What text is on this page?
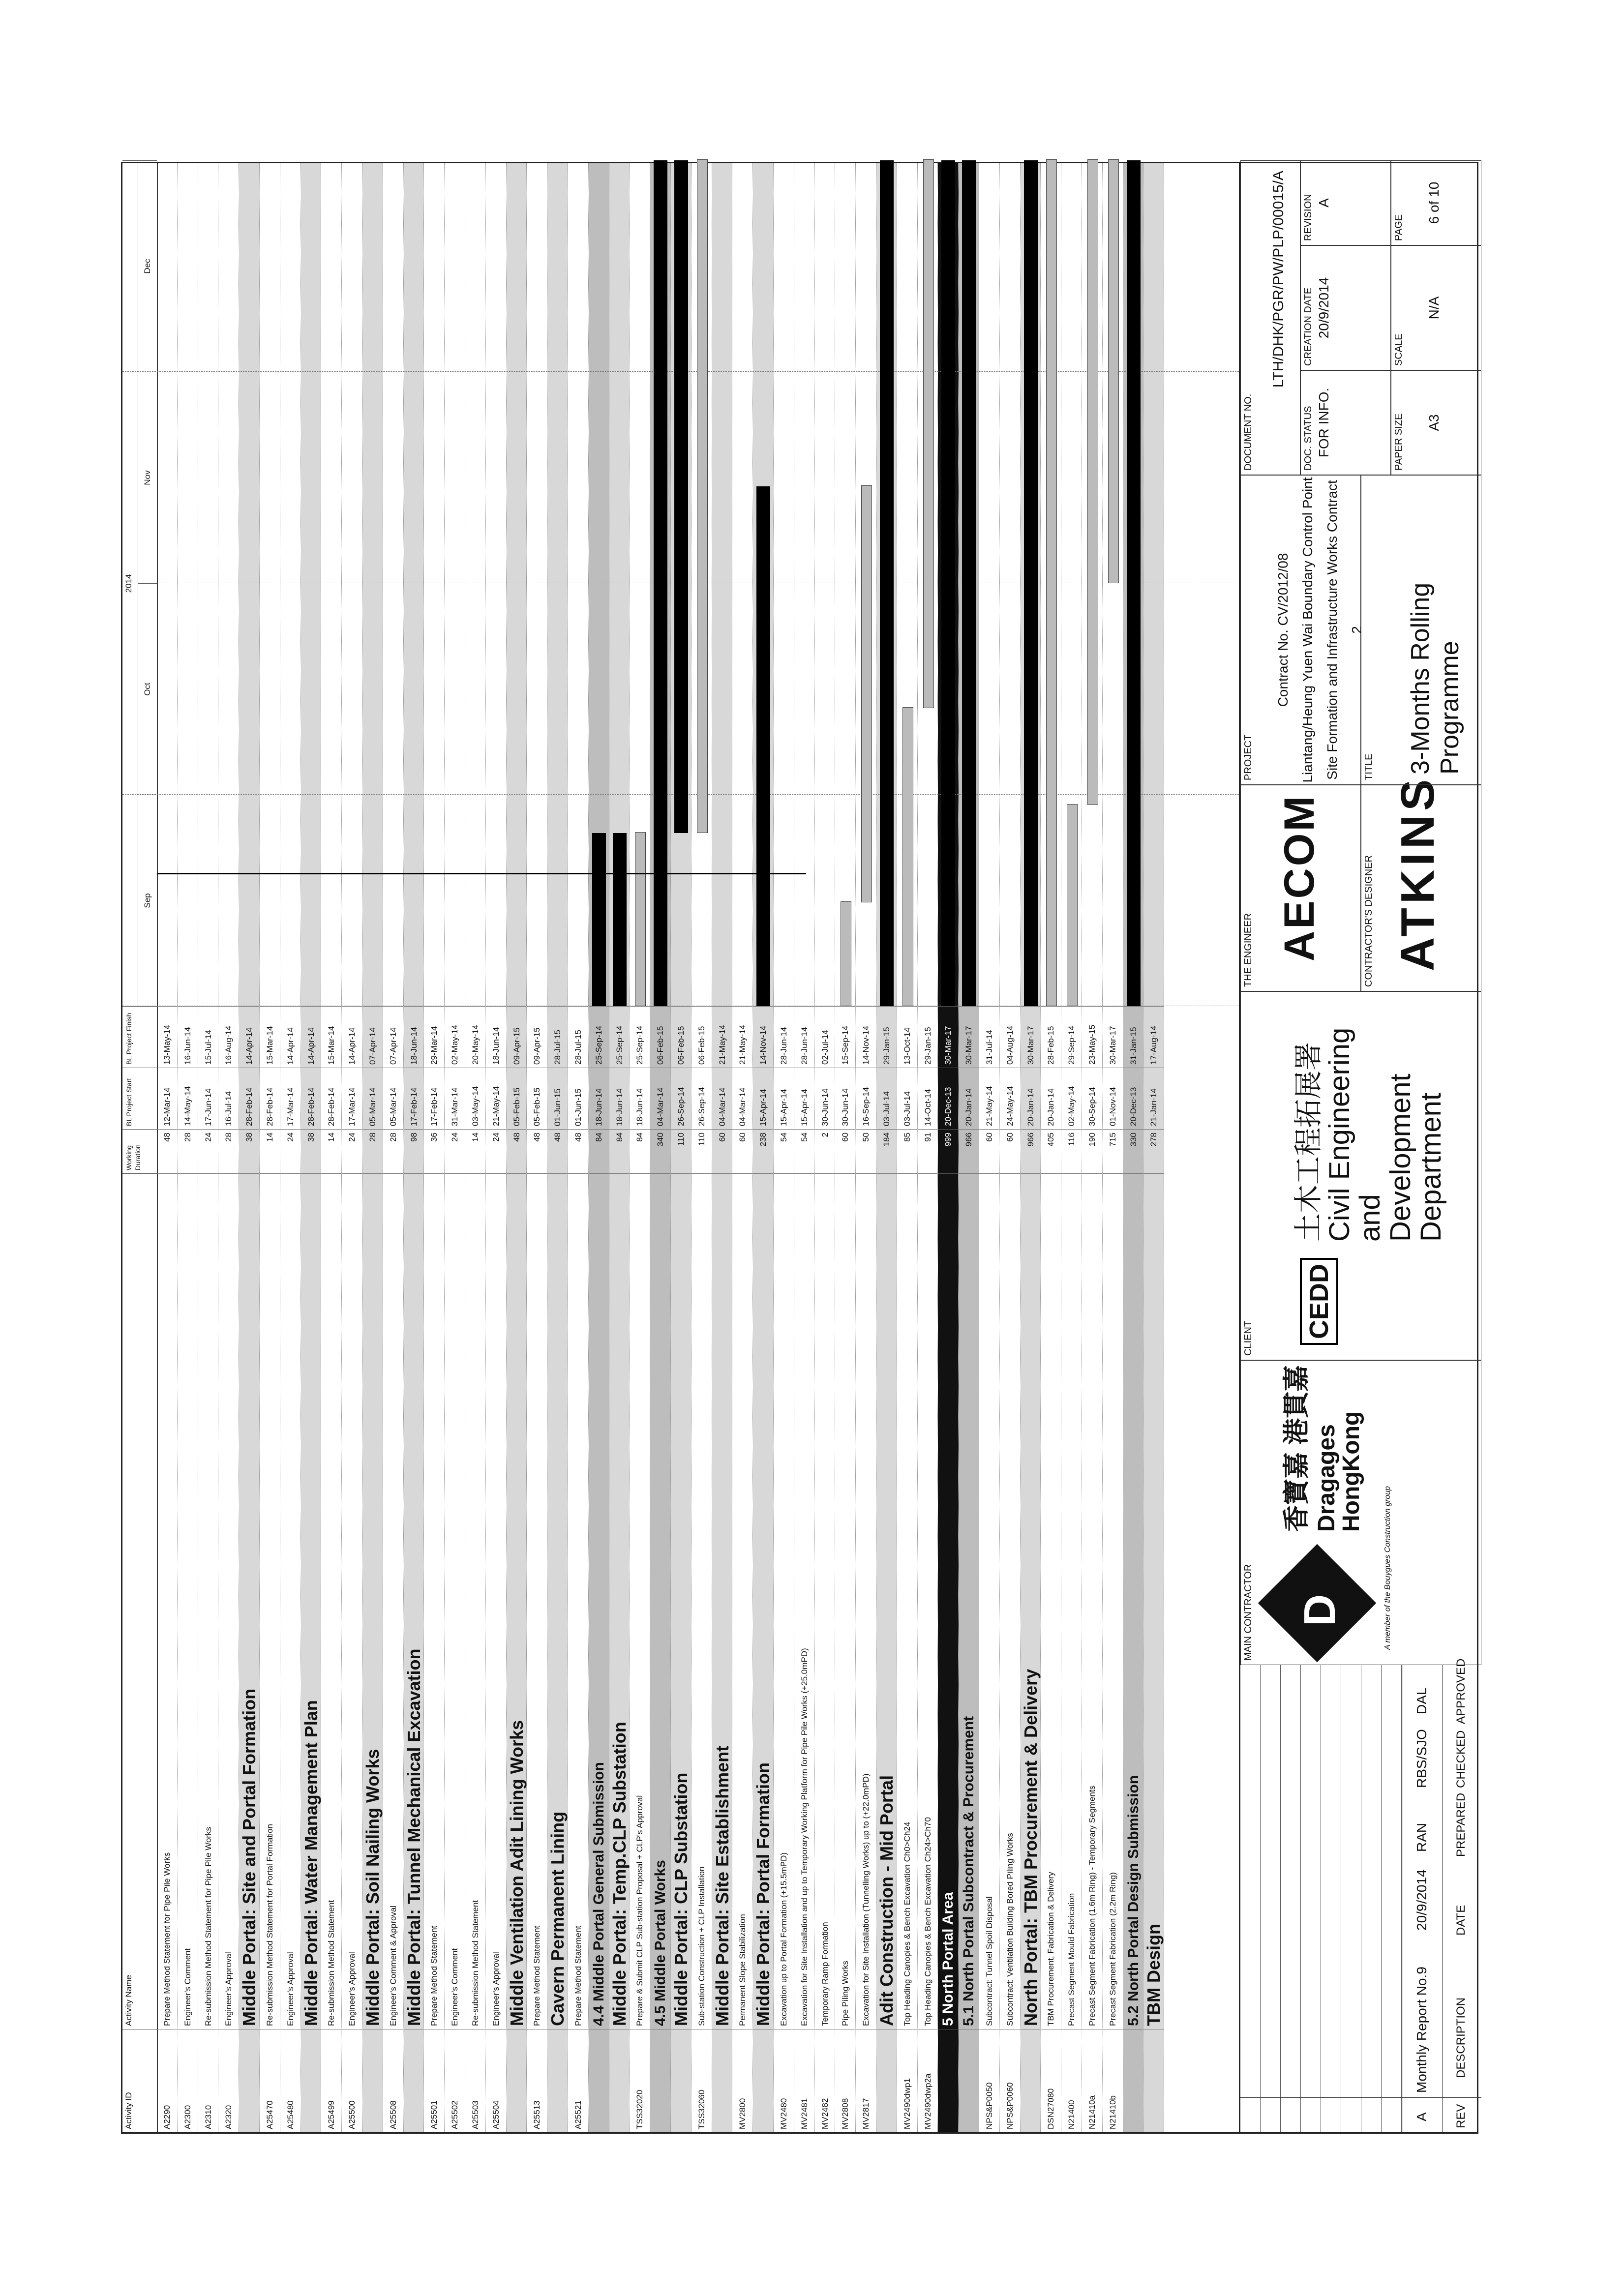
Activity ID
Activity Name
Working Duration
BL Project Start
BL Project Finish
2014
Sep
Oct
Nov
Dec
A2290
Prepare Method Statement for Pipe Pile Works
48
12-Mar-14
13-May-14
A2300
Engineer's Comment
28
14-May-14
16-Jun-14
A2310
Re-submission Method Statement for Pipe Pile Works
24
17-Jun-14
15-Jul-14
A2320
Engineer's Approval
28
16-Jul-14
16-Aug-14
Middle Portal: Site and Portal Formation
38
28-Feb-14
14-Apr-14
A25470
Re-submission Method Statement for Portal Formation
14
28-Feb-14
15-Mar-14
A25480
Engineer's Approval
24
17-Mar-14
14-Apr-14
Middle Portal: Water Management Plan
38
28-Feb-14
14-Apr-14
A25499
Re-submission Method Statement
14
28-Feb-14
15-Mar-14
A25500
Engineer's Approval
24
17-Mar-14
14-Apr-14
Middle Portal: Soil Nailing Works
28
05-Mar-14
07-Apr-14
A25508
Engineer's Comment & Approval
28
05-Mar-14
07-Apr-14
Middle Portal: Tunnel Mechanical Excavation
98
17-Feb-14
18-Jun-14
A25501
Prepare Method Statement
36
17-Feb-14
29-Mar-14
A25502
Engineer's Comment
24
31-Mar-14
02-May-14
A25503
Re-submission Method Statement
14
03-May-14
20-May-14
A25504
Engineer's Approval
24
21-May-14
18-Jun-14
Middle Ventilation Adit Lining Works
48
05-Feb-15
09-Apr-15
A25513
Prepare Method Statement
48
05-Feb-15
09-Apr-15
Cavern Permanent Lining
48
01-Jun-15
28-Jul-15
A25521
Prepare Method Statement
48
01-Jun-15
28-Jul-15
4.4 Middle Portal General Submission
84
18-Jun-14
25-Sep-14
Middle Portal: Temp.CLP Substation
84
18-Jun-14
25-Sep-14
TSS32020
Prepare & Submit CLP Sub-station Proposal + CLP's Approval
84
18-Jun-14
25-Sep-14
4.5 Middle Portal Works
340
04-Mar-14
06-Feb-15
Middle Portal: CLP Substation
110
26-Sep-14
06-Feb-15
TSS32060
Sub-station Construction + CLP Installation
110
26-Sep-14
06-Feb-15
Middle Portal: Site Establishment
60
04-Mar-14
21-May-14
MV2800
Permanent Slope Stabilization
60
04-Mar-14
21-May-14
Middle Portal: Portal Formation
238
15-Apr-14
14-Nov-14
MV2480
Excavation up to Portal Formation (+15.5mPD)
54
15-Apr-14
28-Jun-14
MV2481
Excavation for Site Installation and up to Temporary Working Platform for Pipe Pile Works (+25.0mPD)
54
15-Apr-14
28-Jun-14
MV2482
Temporary Ramp Formation
2
30-Jun-14
02-Jul-14
MV2808
Pipe Piling Works
60
30-Jun-14
15-Sep-14
MV2817
Excavation for Site Installation (Tunnelling Works) up to (+22.0mPD)
50
16-Sep-14
14-Nov-14
Adit Construction - Mid Portal
184
03-Jul-14
29-Jan-15
MV2490dwp1
Top Heading Canopies & Bench Excavation Ch0>Ch24
85
03-Jul-14
13-Oct-14
MV2490dwp2a
Top Heading Canopies & Bench Excavation Ch24>Ch70
91
14-Oct-14
29-Jan-15
5 North Portal Area
999
20-Dec-13
30-Mar-17
5.1 North Portal Subcontract & Procurement
966
20-Jan-14
30-Mar-17
NPS&P0050
Subcontract: Tunnel Spoil Disposal
60
21-May-14
31-Jul-14
NPS&P0060
Subcontract: Ventilation Building Bored Piling Works
60
24-May-14
04-Aug-14
North Portal: TBM Procurement & Delivery
966
20-Jan-14
30-Mar-17
DSN27080
TBM Procurement, Fabrication & Delivery
405
20-Jan-14
28-Feb-15
N21400
Precast Segment Mould Fabrication
116
02-May-14
29-Sep-14
N21410a
Precast Segment Fabrication (1.6m Ring) - Temporary Segments
190
30-Sep-14
23-May-15
N21410b
Precast Segment Fabrication (2.2m Ring)
715
01-Nov-14
30-Mar-17
5.2 North Portal Design Submission
330
20-Dec-13
31-Jan-15
TBM Design
278
21-Jan-14
17-Aug-14
A
Monthly Report No.9
20/9/2014
RAN
RBS/SJO
DAL
REV
DESCRIPTION
DATE
PREPARED
CHECKED
APPROVED
MAIN CONTRACTOR D
香寶嘉 港貫嘉 Dragages
HongKong
A member of the Bouygues Construction group
CLIENT CEDD
土木工程拓展署
Civil Engineering and
Development Department
THE ENGINEER AECOM	CONTRACTOR'S DESIGNER ATKINS
PROJECT
Contract No. CV/2012/08 Liantang/Heung Yuen Wai Boundary Control Point Site Formation and Infrastructure Works Contract 2
TITLE 3-Months Rolling Programme
DOCUMENT NO.
LTH/DHK/PGR/PW/PLP/00015/A
DOC. STATUS FOR INFO.
CREATION DATE 20/9/2014
REVISION A
PAPER SIZE A3
SCALE
N/A
PAGE
6 of 10
